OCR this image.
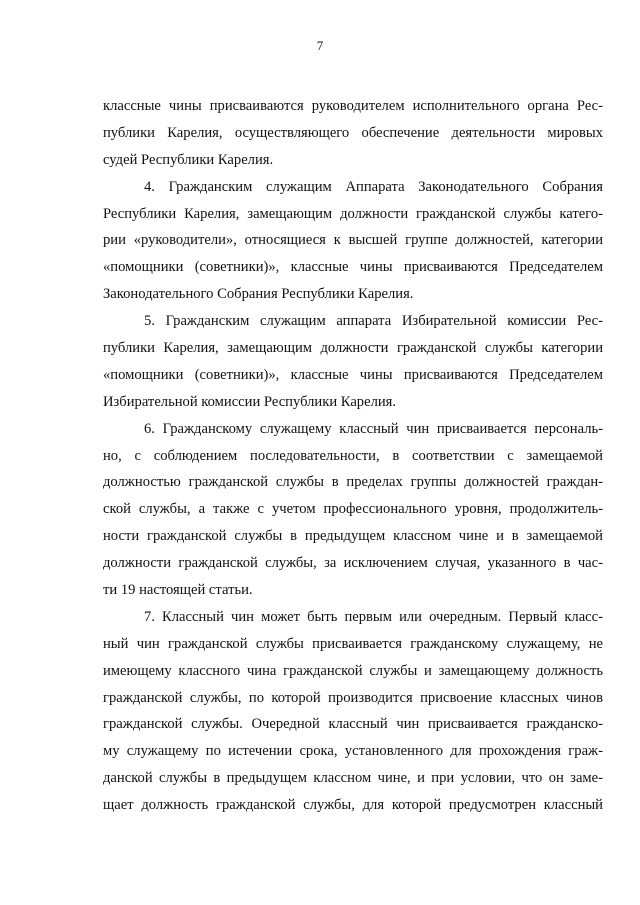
7
классные чины присваиваются руководителем исполнительного органа Рес-
публики Карелия, осуществляющего обеспечение деятельности мировых
судей Республики Карелия.
4. Гражданским служащим Аппарата Законодательного Собрания
Республики Карелия, замещающим должности гражданской службы катего-
рии «руководители», относящиеся к высшей группе должностей, категории
«помощники (советники)», классные чины присваиваются Председателем
Законодательного Собрания Республики Карелия.
5. Гражданским служащим аппарата Избирательной комиссии Рес-
публики Карелия, замещающим должности гражданской службы категории
«помощники (советники)», классные чины присваиваются Председателем
Избирательной комиссии Республики Карелия.
6. Гражданскому служащему классный чин присваивается персональ-
но, с соблюдением последовательности, в соответствии с замещаемой
должностью гражданской службы в пределах группы должностей граждан-
ской службы, а также с учетом профессионального уровня, продолжитель-
ности гражданской службы в предыдущем классном чине и в замещаемой
должности гражданской службы, за исключением случая, указанного в час-
ти 19 настоящей статьи.
7. Классный чин может быть первым или очередным. Первый класс-
ный чин гражданской службы присваивается гражданскому служащему, не
имеющему классного чина гражданской службы и замещающему должность
гражданской службы, по которой производится присвоение классных чинов
гражданской службы. Очередной классный чин присваивается гражданско-
му служащему по истечении срока, установленного для прохождения граж-
данской службы в предыдущем классном чине, и при условии, что он заме-
щает должность гражданской службы, для которой предусмотрен классный
